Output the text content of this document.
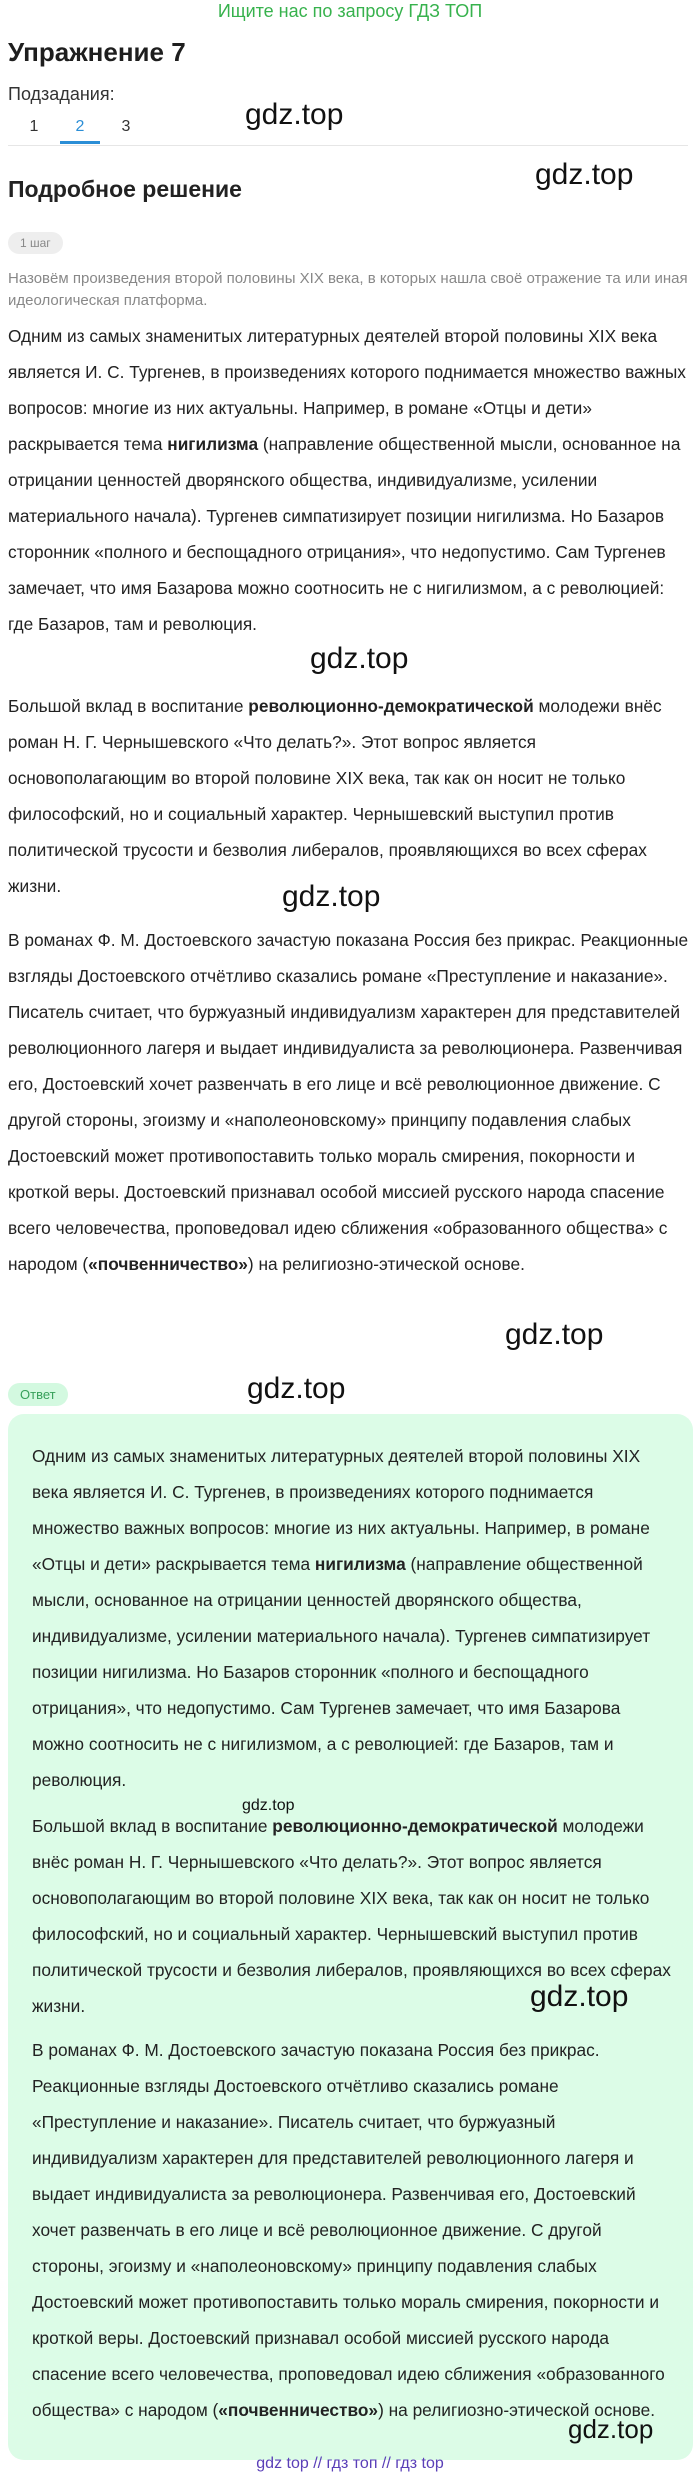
Ищите нас по запросу ГДЗ ТОП
Упражнение 7
Подзадания:
1	2	3	gdz.top
Подробное решение	gdz.top
1 шаг
Назовём произведения второй половины XIX века, в которых нашла своё отражение та или иная идеологическая платформа.
Одним из самых знаменитых литературных деятелей второй половины XIX века является И. С. Тургенев, в произведениях которого поднимается множество важных вопросов: многие из них актуальны. Например, в романе «Отцы и дети» раскрывается тема нигилизма (направление общественной мысли, основанное на отрицании ценностей дворянского общества, индивидуализме, усилении материального начала). Тургенев симпатизирует позиции нигилизма. Но Базаров сторонник «полного и беспощадного отрицания», что недопустимо. Сам Тургенев замечает, что имя Базарова можно соотносить не с нигилизмом, а с революцией: где Базаров, там и революция.
gdz.top
Большой вклад в воспитание революционно-демократической молодежи внёс роман Н. Г. Чернышевского «Что делать?». Этот вопрос является основополагающим во второй половине XIX века, так как он носит не только философский, но и социальный характер. Чернышевский выступил против политической трусости и безволия либералов, проявляющихся во всех сферах жизни.	gdz.top
В романах Ф. М. Достоевского зачастую показана Россия без прикрас. Реакционные взгляды Достоевского отчётливо сказались романе «Преступление и наказание». Писатель считает, что буржуазный индивидуализм характерен для представителей революционного лагеря и выдает индивидуалиста за революционера. Развенчивая его, Достоевский хочет развенчать в его лице и всё революционное движение. С другой стороны, эгоизму и «наполеоновскому» принципу подавления слабых Достоевский может противопоставить только мораль смирения, покорности и кроткой веры. Достоевский признавал особой миссией русского народа спасение всего человечества, проповедовал идею сближения «образованного общества» с народом («почвенничество») на религиозно-этической основе.
gdz.top
Ответ	gdz.top
Одним из самых знаменитых литературных деятелей второй половины XIX века является И. С. Тургенев, в произведениях которого поднимается множество важных вопросов: многие из них актуальны. Например, в романе «Отцы и дети» раскрывается тема нигилизма (направление общественной мысли, основанное на отрицании ценностей дворянского общества, индивидуализме, усилении материального начала). Тургенев симпатизирует позиции нигилизма. Но Базаров сторонник «полного и беспощадного отрицания», что недопустимо. Сам Тургенев замечает, что имя Базарова можно соотносить не с нигилизмом, а с революцией: где Базаров, там и революция.
gdz.top
Большой вклад в воспитание революционно-демократической молодежи внёс роман Н. Г. Чернышевского «Что делать?». Этот вопрос является основополагающим во второй половине XIX века, так как он носит не только философский, но и социальный характер. Чернышевский выступил против политической трусости и безволия либералов, проявляющихся во всех сферах жизни.	gdz.top
В романах Ф. М. Достоевского зачастую показана Россия без прикрас. Реакционные взгляды Достоевского отчётливо сказались романе «Преступление и наказание». Писатель считает, что буржуазный индивидуализм характерен для представителей революционного лагеря и выдает индивидуалиста за революционера. Развенчивая его, Достоевский хочет развенчать в его лице и всё революционное движение. С другой стороны, эгоизму и «наполеоновскому» принципу подавления слабых Достоевский может противопоставить только мораль смирения, покорности и кроткой веры. Достоевский признавал особой миссией русского народа спасение всего человечества, проповедовал идею сближения «образованного общества» с народом («почвенничество») на религиозно-этической основе.
gdz.top
gdz top // гдз топ // гдз top
